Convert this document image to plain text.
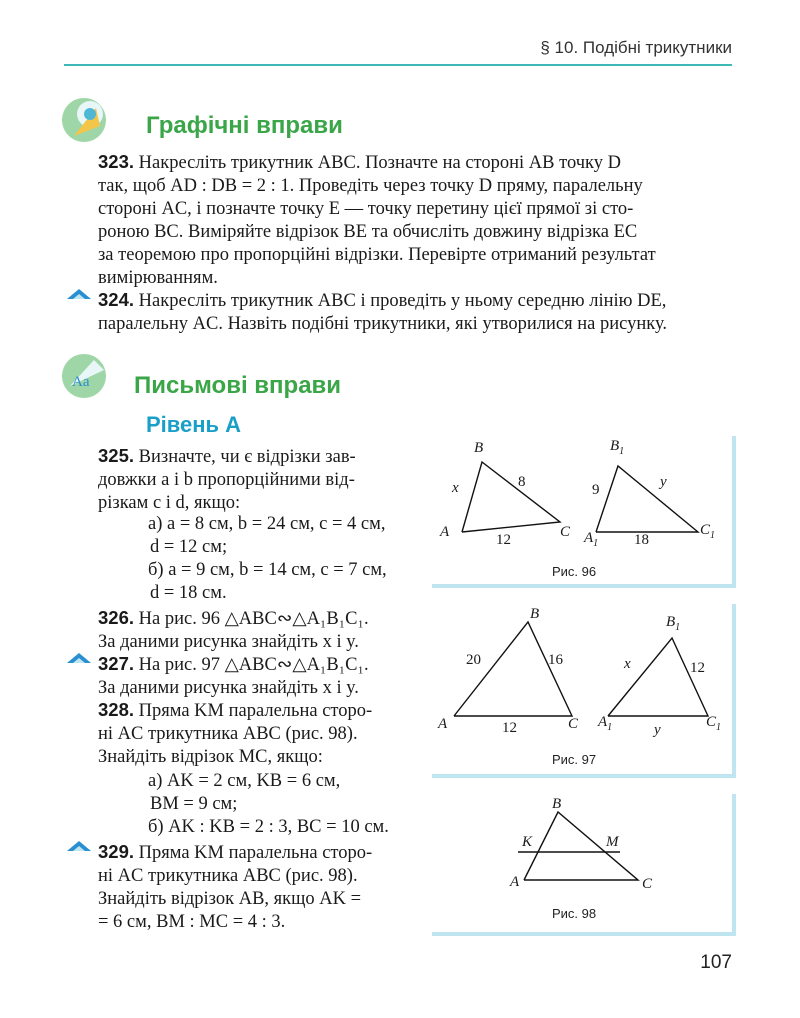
§ 10. Подібні трикутники
Графічні вправи
323. Накресліть трикутник ABC. Позначте на стороні AB точку D
так, щоб AD : DB = 2 : 1. Проведіть через точку D пряму, паралельну
стороні AC, і позначте точку E — точку перетину цієї прямої зі сто-
роною BC. Виміряйте відрізок BE та обчисліть довжину відрізка EC
за теоремою про пропорційні відрізки. Перевірте отриманий результат
вимірюванням.
324. Накресліть трикутник ABC і проведіть у ньому середню лінію DE,
паралельну AC. Назвіть подібні трикутники, які утворилися на рисунку.
Aa Письмові вправи
Рівень А
325. Визначте, чи є відрізки зав-
довжки a і b пропорційними від-
різкам c і d, якщо:
а) a = 8 см, b = 24 см, c = 4 см,
d = 12 см;
б) a = 9 см, b = 14 см, c = 7 см,
d = 18 см.
326. На рис. 96 △ABC∾△A₁B₁C₁.
За даними рисунка знайдіть x і y.
327. На рис. 97 △ABC∾△A₁B₁C₁.
За даними рисунка знайдіть x і y.
328. Пряма KM паралельна сторо-
ні AC трикутника ABC (рис. 98).
Знайдіть відрізок MC, якщо:
а) AK = 2 см, KB = 6 см,
BM = 9 см;
б) AK : KB = 2 : 3, BC = 10 см.
329. Пряма KM паралельна сторо-
ні AC трикутника ABC (рис. 98).
Знайдіть відрізок AB, якщо AK =
= 6 см, BM : MC = 4 : 3.
A
B
C
x	8
12	$A_1$
$B_1$
$C_1$
9	y
18
Рис. 96
A
B
C
20	16
12	$A_1$
$B_1$
$C_1$
x	12
y
Рис. 97
A
B
C
K	M
Рис. 98
107
